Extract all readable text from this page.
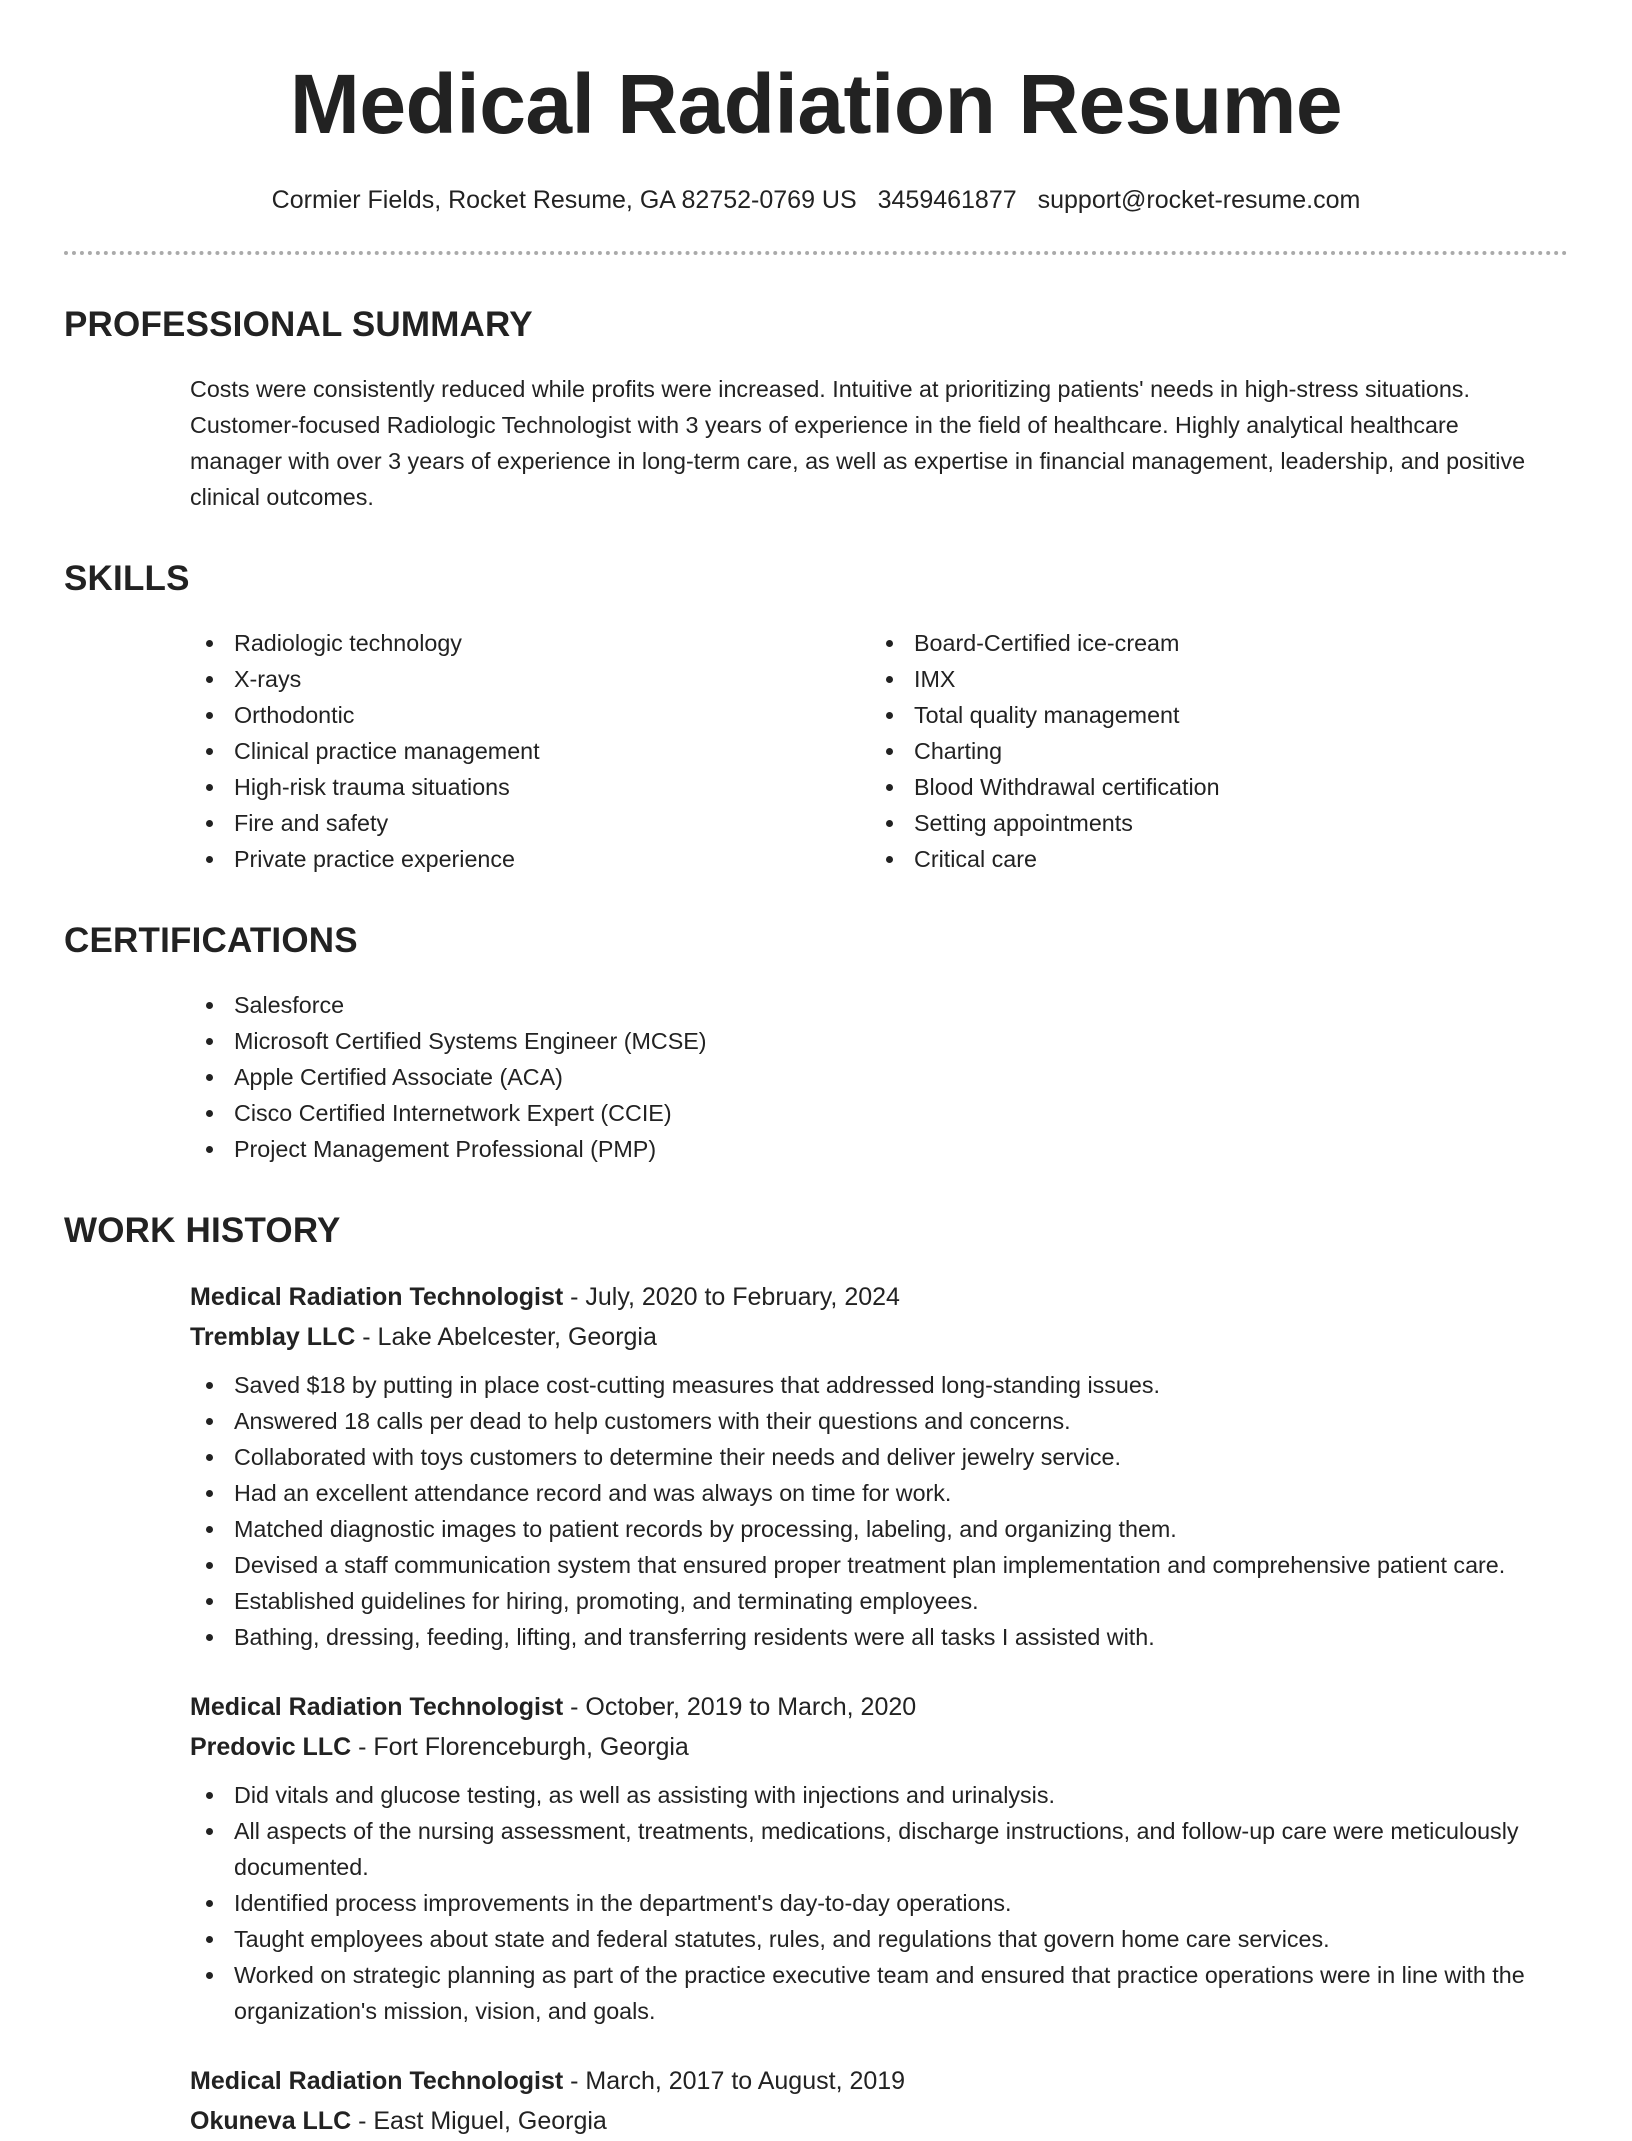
Medical Radiation Resume
Cormier Fields, Rocket Resume, GA 82752-0769 US 3459461877 support@rocket-resume.com
PROFESSIONAL SUMMARY
Costs were consistently reduced while profits were increased. Intuitive at prioritizing patients' needs in high-stress situations. Customer-focused Radiologic Technologist with 3 years of experience in the field of healthcare. Highly analytical healthcare manager with over 3 years of experience in long-term care, as well as expertise in financial management, leadership, and positive clinical outcomes.
SKILLS
Radiologic technology
X-rays
Orthodontic
Clinical practice management
High-risk trauma situations
Fire and safety
Private practice experience
Board-Certified ice-cream
IMX
Total quality management
Charting
Blood Withdrawal certification
Setting appointments
Critical care
CERTIFICATIONS
Salesforce
Microsoft Certified Systems Engineer (MCSE)
Apple Certified Associate (ACA)
Cisco Certified Internetwork Expert (CCIE)
Project Management Professional (PMP)
WORK HISTORY
Medical Radiation Technologist - July, 2020 to February, 2024
Tremblay LLC - Lake Abelcester, Georgia
Saved $18 by putting in place cost-cutting measures that addressed long-standing issues.
Answered 18 calls per dead to help customers with their questions and concerns.
Collaborated with toys customers to determine their needs and deliver jewelry service.
Had an excellent attendance record and was always on time for work.
Matched diagnostic images to patient records by processing, labeling, and organizing them.
Devised a staff communication system that ensured proper treatment plan implementation and comprehensive patient care.
Established guidelines for hiring, promoting, and terminating employees.
Bathing, dressing, feeding, lifting, and transferring residents were all tasks I assisted with.
Medical Radiation Technologist - October, 2019 to March, 2020
Predovic LLC - Fort Florenceburgh, Georgia
Did vitals and glucose testing, as well as assisting with injections and urinalysis.
All aspects of the nursing assessment, treatments, medications, discharge instructions, and follow-up care were meticulously documented.
Identified process improvements in the department's day-to-day operations.
Taught employees about state and federal statutes, rules, and regulations that govern home care services.
Worked on strategic planning as part of the practice executive team and ensured that practice operations were in line with the organization's mission, vision, and goals.
Medical Radiation Technologist - March, 2017 to August, 2019
Okuneva LLC - East Miguel, Georgia
